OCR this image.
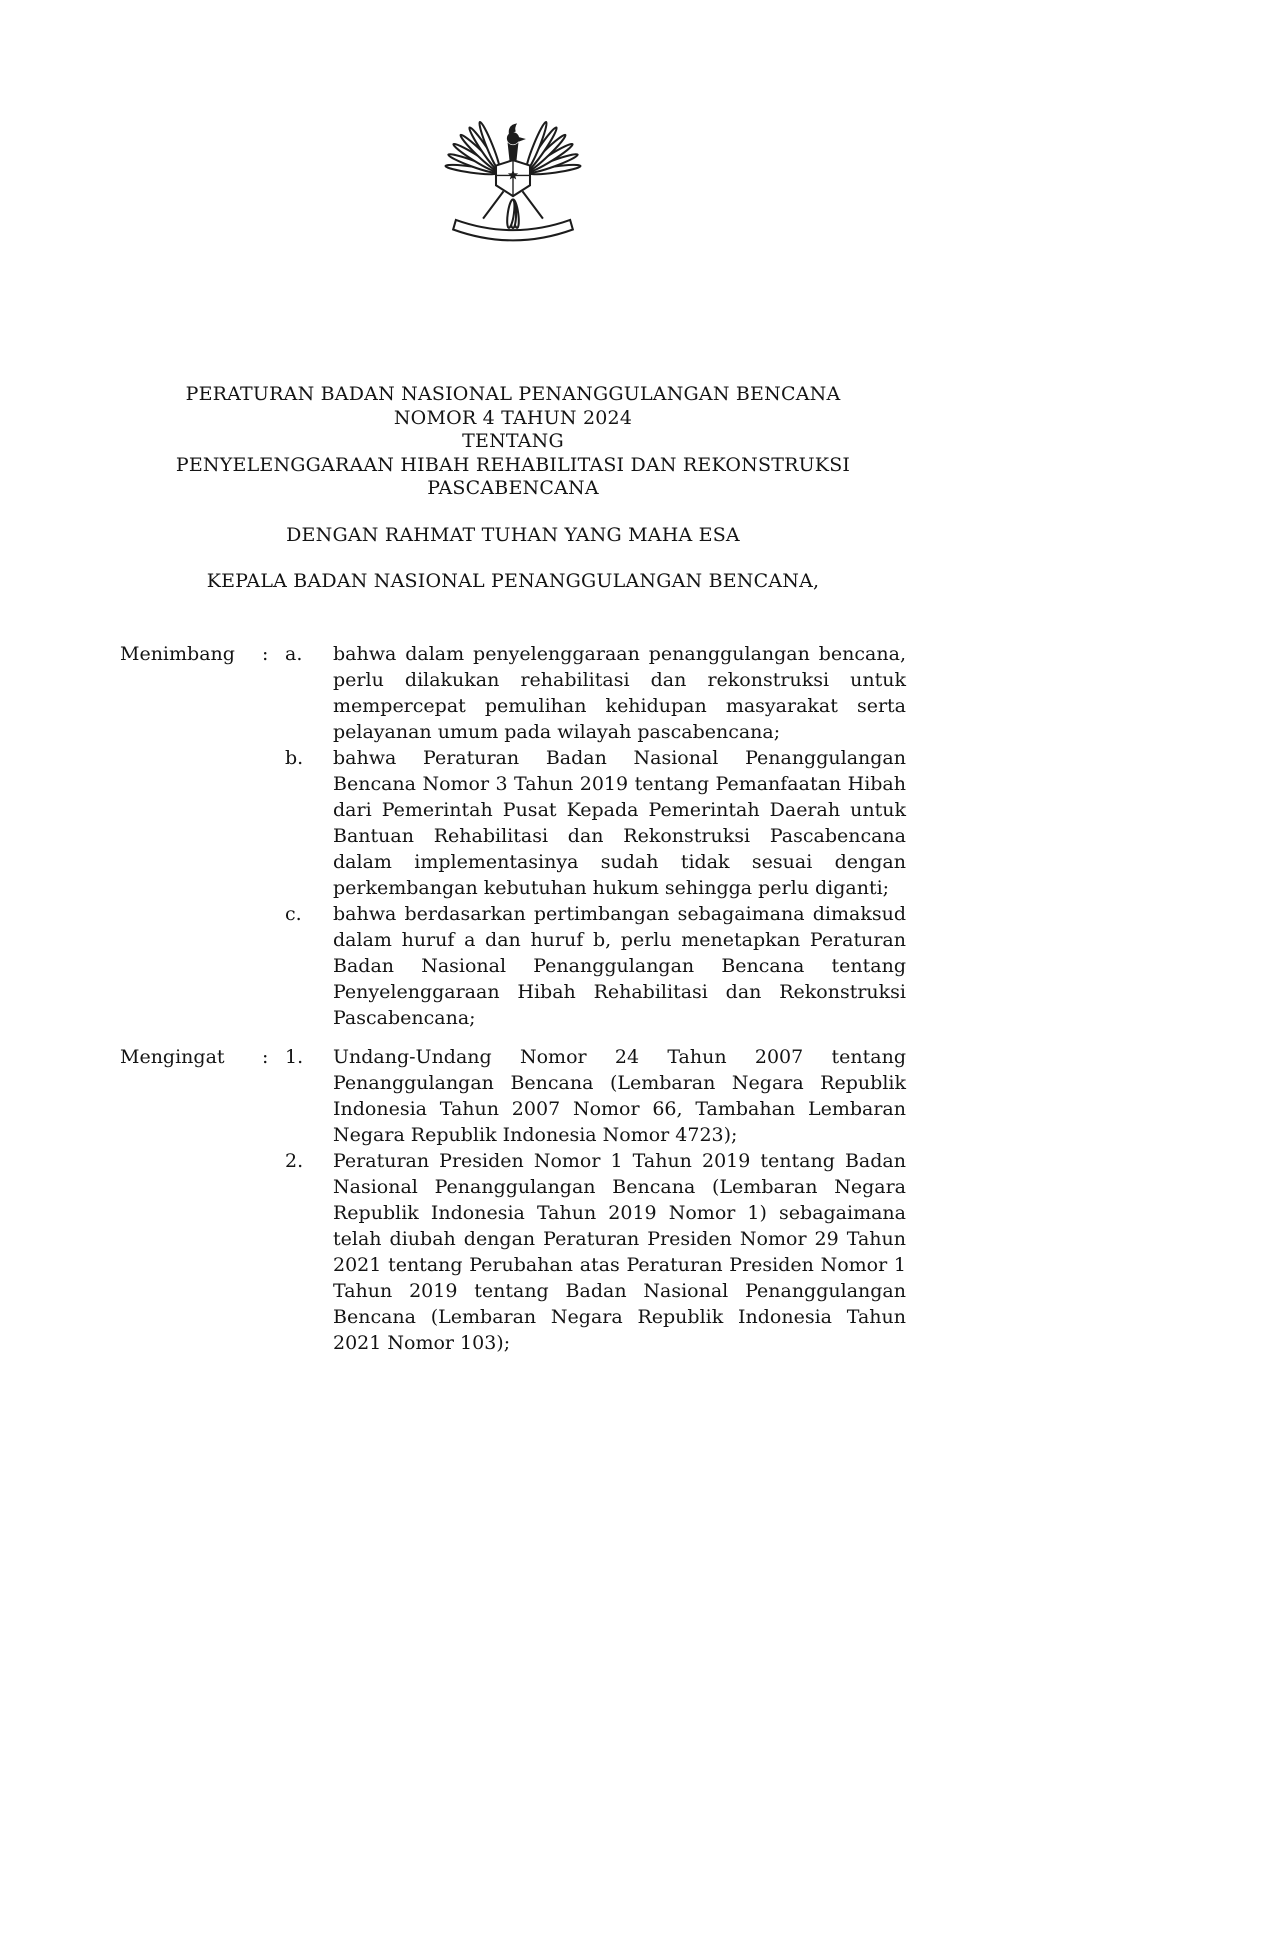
PERATURAN BADAN NASIONAL PENANGGULANGAN BENCANA
NOMOR 4 TAHUN 2024
TENTANG
PENYELENGGARAAN HIBAH REHABILITASI DAN REKONSTRUKSI
PASCABENCANA
DENGAN RAHMAT TUHAN YANG MAHA ESA
KEPALA BADAN NASIONAL PENANGGULANGAN BENCANA,
Menimbang	: a.	bahwa dalam penyelenggaraan penanggulangan bencana, perlu dilakukan rehabilitasi dan rekonstruksi untuk mempercepat pemulihan kehidupan masyarakat serta pelayanan umum pada wilayah pascabencana;
b.	bahwa Peraturan Badan Nasional Penanggulangan Bencana Nomor 3 Tahun 2019 tentang Pemanfaatan Hibah dari Pemerintah Pusat Kepada Pemerintah Daerah untuk Bantuan Rehabilitasi dan Rekonstruksi Pascabencana dalam implementasinya sudah tidak sesuai dengan perkembangan kebutuhan hukum sehingga perlu diganti;
c.	bahwa berdasarkan pertimbangan sebagaimana dimaksud dalam huruf a dan huruf b, perlu menetapkan Peraturan Badan Nasional Penanggulangan Bencana tentang Penyelenggaraan Hibah Rehabilitasi dan Rekonstruksi Pascabencana;
Mengingat	: 1.	Undang-Undang Nomor 24 Tahun 2007 tentang Penanggulangan Bencana (Lembaran Negara Republik Indonesia Tahun 2007 Nomor 66, Tambahan Lembaran Negara Republik Indonesia Nomor 4723);
2.	Peraturan Presiden Nomor 1 Tahun 2019 tentang Badan Nasional Penanggulangan Bencana (Lembaran Negara Republik Indonesia Tahun 2019 Nomor 1) sebagaimana telah diubah dengan Peraturan Presiden Nomor 29 Tahun 2021 tentang Perubahan atas Peraturan Presiden Nomor 1 Tahun 2019 tentang Badan Nasional Penanggulangan Bencana (Lembaran Negara Republik Indonesia Tahun 2021 Nomor 103);
